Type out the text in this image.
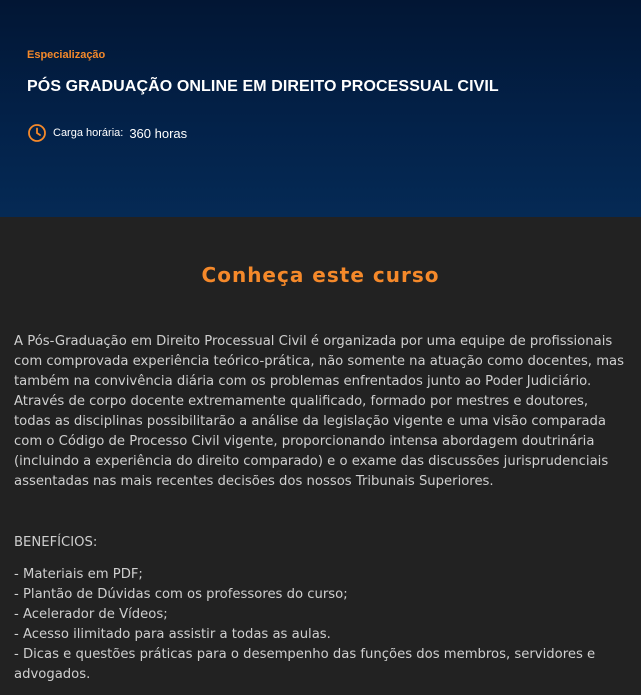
Especialização
PÓS GRADUAÇÃO ONLINE EM DIREITO PROCESSUAL CIVIL
Carga horária: 360 horas
Conheça este curso
A Pós-Graduação em Direito Processual Civil é organizada por uma equipe de profissionais com comprovada experiência teórico-prática, não somente na atuação como docentes, mas também na convivência diária com os problemas enfrentados junto ao Poder Judiciário. Através de corpo docente extremamente qualificado, formado por mestres e doutores, todas as disciplinas possibilitarão a análise da legislação vigente e uma visão comparada com o Código de Processo Civil vigente, proporcionando intensa abordagem doutrinária (incluindo a experiência do direito comparado) e o exame das discussões jurisprudenciais assentadas nas mais recentes decisões dos nossos Tribunais Superiores.
BENEFÍCIOS:
- Materiais em PDF;
- Plantão de Dúvidas com os professores do curso;
- Acelerador de Vídeos;
- Acesso ilimitado para assistir a todas as aulas.
- Dicas e questões práticas para o desempenho das funções dos membros, servidores e advogados.
